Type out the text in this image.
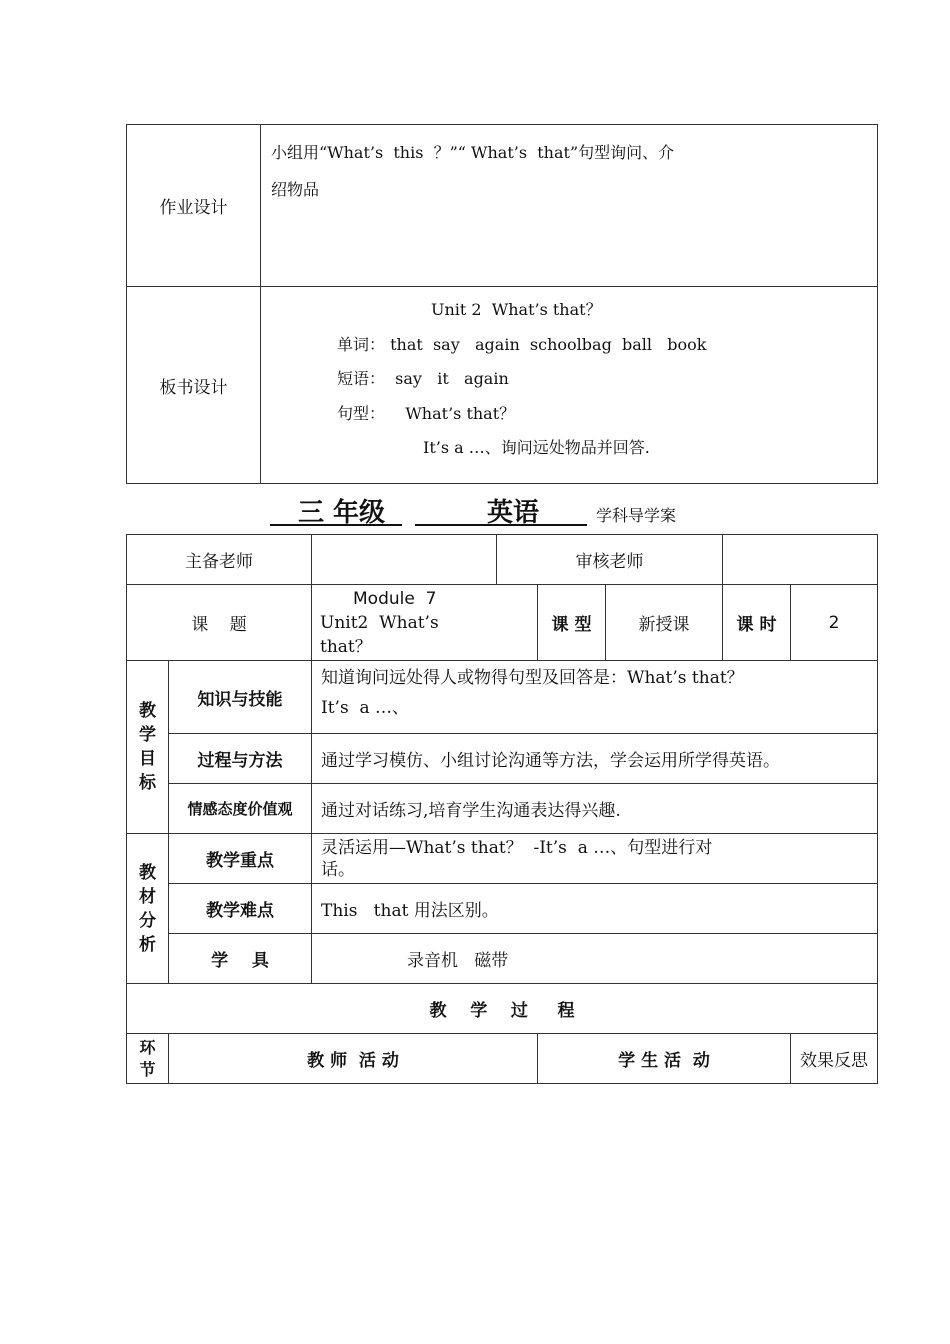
作业设计	小组用“What’s  this  ？”“ What’s  that”句型询问、介
绍物品

板书设计	Unit 2  What’s that？
单词： that  say   again  schoolbag  ball   book
短语：  say   it   again
句型：    What’s that？
It’s a …、询问远处物品并回答.
三 年级	英语	学科导学案
主备老师			审核老师				
课    题		Module  7
Unit2  What’s
that？		课 型	新授课	课 时	2

教学目标	知识与技能	知道询问远处得人或物得句型及回答是：What’s that？
It’s  a …、					

	过程与方法	通过学习模仿、小组讨论沟通等方法，学会运用所学得英语。					
	情感态度价值观	通过对话练习,培育学生沟通表达得兴趣.					

教材分析	教学重点	灵活运用—What’s that？  -It’s  a …、句型进行对
话。					

	教学难点	This   that 用法区别。					
	学    具	录音机   磁带					
教    学    过     程							

环节	教 师  活 动			学 生 活  动			效果反思
